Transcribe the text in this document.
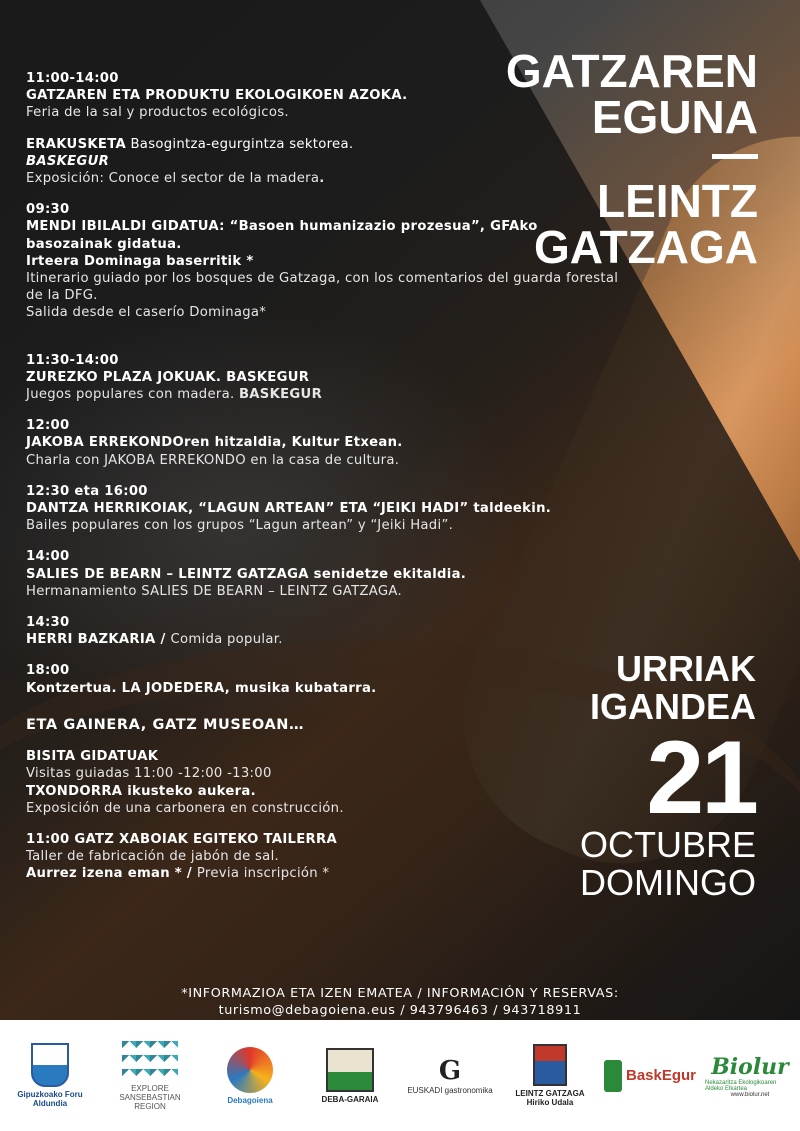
GATZAREN
EGUNA
LEINTZ
GATZAGA
11:00-14:00
GATZAREN ETA PRODUKTU EKOLOGIKOEN AZOKA.
Feria de la sal y productos ecológicos.
ERAKUSKETA Basogintza-egurgintza sektorea.
BASKEGUR
Exposición: Conoce el sector de la madera.
09:30
MENDI IBILALDI GIDATUA: “Basoen humanizazio prozesua”, GFAko basozainak gidatua.
Irteera Dominaga baserritik *
Itinerario guiado por los bosques de Gatzaga, con los comentarios del guarda forestal de la DFG.
Salida desde el caserío Dominaga*
11:30-14:00
ZUREZKO PLAZA JOKUAK. BASKEGUR
Juegos populares con madera. BASKEGUR
12:00
JAKOBA ERREKONDOren hitzaldia, Kultur Etxean.
Charla con JAKOBA ERREKONDO en la casa de cultura.
12:30 eta 16:00
DANTZA HERRIKOIAK, “LAGUN ARTEAN” ETA “JEIKI HADI” taldeekin.
Bailes populares con los grupos “Lagun artean” y “Jeiki Hadi”.
14:00
SALIES DE BEARN – LEINTZ GATZAGA senidetze ekitaldia.
Hermanamiento SALIES DE BEARN – LEINTZ GATZAGA.
14:30
HERRI BAZKARIA / Comida popular.
18:00
Kontzertua. LA JODEDERA, musika kubatarra.
ETA GAINERA, GATZ MUSEOAN…
BISITA GIDATUAK
Visitas guiadas 11:00 -12:00 -13:00
TXONDORRA ikusteko aukera.
Exposición de una carbonera en construcción.
11:00 GATZ XABOIAK EGITEKO TAILERRA
Taller de fabricación de jabón de sal.
Aurrez izena eman * / Previa inscripción *
URRIAK
IGANDEA
21
OCTUBRE
DOMINGO
*INFORMAZIOA ETA IZEN EMATEA / INFORMACIÓN Y RESERVAS:
turismo@debagoiena.eus / 943796463 / 943718911
Gipuzkoako Foru Aldundia
EXPLORE SANSEBASTIAN REGION
Debagoiena	DEBA-GARAIA
G
EUSKADI gastronomika	LEINTZ GATZAGA
Hiriko Udala
BaskEgur Biolur
Nekazaritza Ekologikoaren Aldeko Elkartea
www.biolur.net
